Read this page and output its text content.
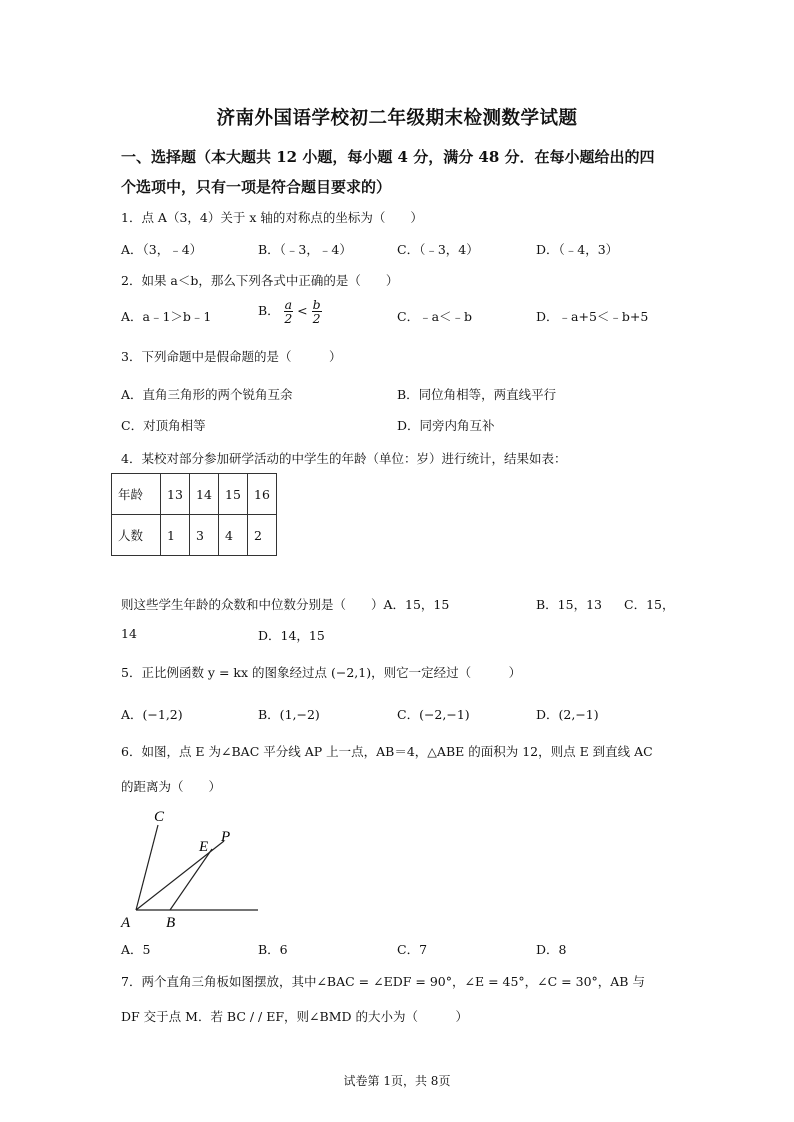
济南外国语学校初二年级期末检测数学试题
一、选择题（本大题共 12 小题，每小题 4 分，满分 48 分．在每小题给出的四
个选项中，只有一项是符合题目要求的）
1．点 A（3，4）关于 x 轴的对称点的坐标为（　　）
A．（3，﹣4）	B．（﹣3，﹣4）	C．（﹣3，4）	D．（﹣4，3）
2．如果 a＜b，那么下列各式中正确的是（　　）
A．a﹣1＞b﹣1	B． $\frac{a}{2} < \frac{b}{2}$	C．﹣a＜﹣b	D．﹣a+5＜﹣b+5
3．下列命题中是假命题的是（　　　）
A．直角三角形的两个锐角互余	B．同位角相等，两直线平行
C．对顶角相等	D．同旁内角互补
4．某校对部分参加研学活动的中学生的年龄（单位：岁）进行统计，结果如表：
年龄	13	14	15	16
人数	1	3	4	2
则这些学生年龄的众数和中位数分别是（　　）A．15，15	B．15，13 C．15，
14	D．14，15
5．正比例函数 y = kx 的图象经过点 (−2,1)，则它一定经过（　　　）
A．(−1,2)	B．(1,−2)	C．(−2,−1)	D．(2,−1)
6．如图，点 E 为∠BAC 平分线 AP 上一点，AB＝4，△ABE 的面积为 12，则点 E 到直线 AC
的距离为（　　）
C
E
P
A B
A．5	B．6	C．7	D．8
7．两个直角三角板如图摆放，其中∠BAC = ∠EDF = 90°，∠E = 45°，∠C = 30°，AB 与
DF 交于点 M．若 BC / / EF，则∠BMD 的大小为（　　　）
试卷第 1页，共 8页
